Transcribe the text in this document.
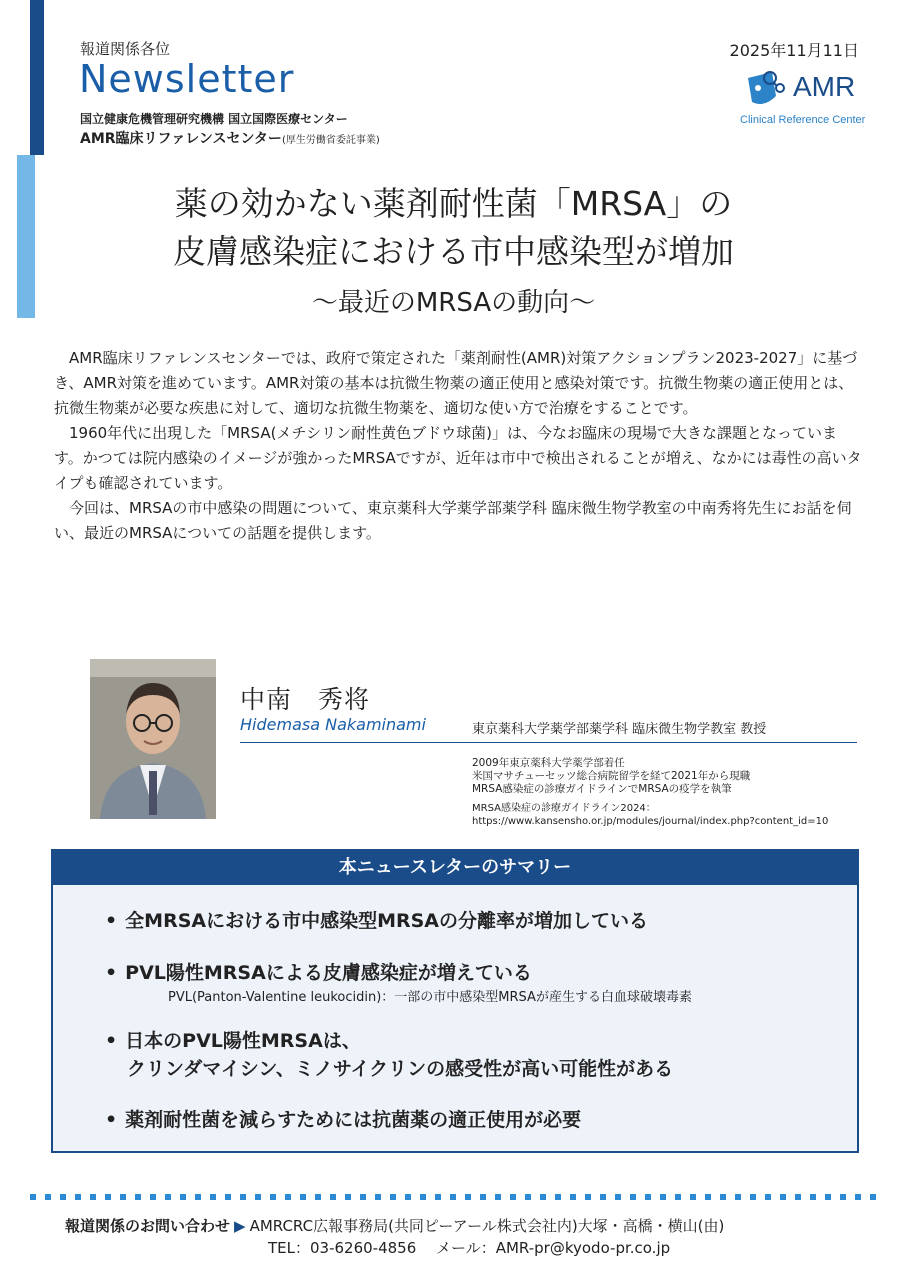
報道関係各位
Newsletter
国立健康危機管理研究機構 国立国際医療センター
AMR臨床リファレンスセンター(厚生労働省委託事業)
2025年11月11日
AMR
Clinical Reference Center
薬の効かない薬剤耐性菌「MRSA」の
皮膚感染症における市中感染型が増加
〜最近のMRSAの動向〜

AMR臨床リファレンスセンターでは、政府で策定された「薬剤耐性(AMR)対策アクションプラン2023-2027」に基づき、AMR対策を進めています。AMR対策の基本は抗微生物薬の適正使用と感染対策です。抗微生物薬の適正使用とは、抗微生物薬が必要な疾患に対して、適切な抗微生物薬を、適切な使い方で治療をすることです。

1960年代に出現した「MRSA(メチシリン耐性黄色ブドウ球菌)」は、今なお臨床の現場で大きな課題となっています。かつては院内感染のイメージが強かったMRSAですが、近年は市中で検出されることが増え、なかには毒性の高いタイプも確認されています。

今回は、MRSAの市中感染の問題について、東京薬科大学薬学部薬学科 臨床微生物学教室の中南秀将先生にお話を伺い、最近のMRSAについての話題を提供します。

中南　秀将
Hidemasa Nakaminami	東京薬科大学薬学部薬学科 臨床微生物学教室 教授
2009年東京薬科大学薬学部着任
米国マサチューセッツ総合病院留学を経て2021年から現職
MRSA感染症の診療ガイドラインでMRSAの疫学を執筆
MRSA感染症の診療ガイドライン2024：
https://www.kansensho.or.jp/modules/journal/index.php?content_id=10
本ニュースレターのサマリー
• 全MRSAにおける市中感染型MRSAの分離率が増加している
• PVL陽性MRSAによる皮膚感染症が増えている
PVL(Panton-Valentine leukocidin)：一部の市中感染型MRSAが産生する白血球破壊毒素
• 日本のPVL陽性MRSAは、
クリンダマイシン、ミノサイクリンの感受性が高い可能性がある
• 薬剤耐性菌を減らすためには抗菌薬の適正使用が必要
報道関係のお問い合わせ ▶ AMRCRC広報事務局(共同ピーアール株式会社内)大塚・高橋・横山(由)
TEL：03-6260-4856　 メール：AMR-pr@kyodo-pr.co.jp
